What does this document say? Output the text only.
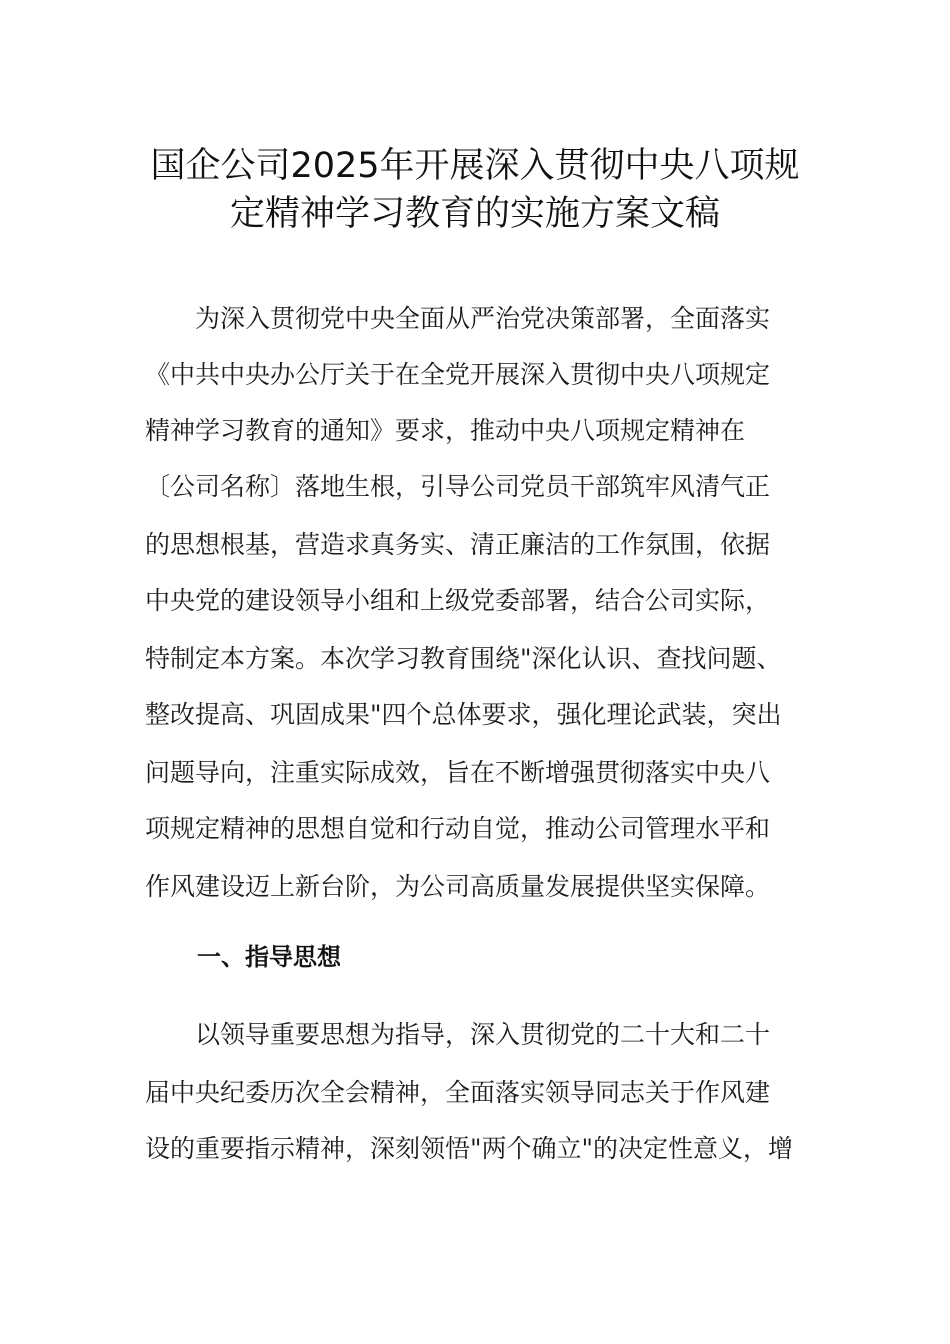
国企公司2025年开展深入贯彻中央八项规
定精神学习教育的实施方案文稿
　　为深入贯彻党中央全面从严治党决策部署，全面落实
《中共中央办公厅关于在全党开展深入贯彻中央八项规定
精神学习教育的通知》要求，推动中央八项规定精神在
〔公司名称〕落地生根，引导公司党员干部筑牢风清气正
的思想根基，营造求真务实、清正廉洁的工作氛围，依据
中央党的建设领导小组和上级党委部署，结合公司实际，
特制定本方案。本次学习教育围绕"深化认识、查找问题、
整改提高、巩固成果"四个总体要求，强化理论武装，突出
问题导向，注重实际成效，旨在不断增强贯彻落实中央八
项规定精神的思想自觉和行动自觉，推动公司管理水平和
作风建设迈上新台阶，为公司高质量发展提供坚实保障。
一、指导思想
　　以领导重要思想为指导，深入贯彻党的二十大和二十
届中央纪委历次全会精神，全面落实领导同志关于作风建
设的重要指示精神，深刻领悟"两个确立"的决定性意义，增
